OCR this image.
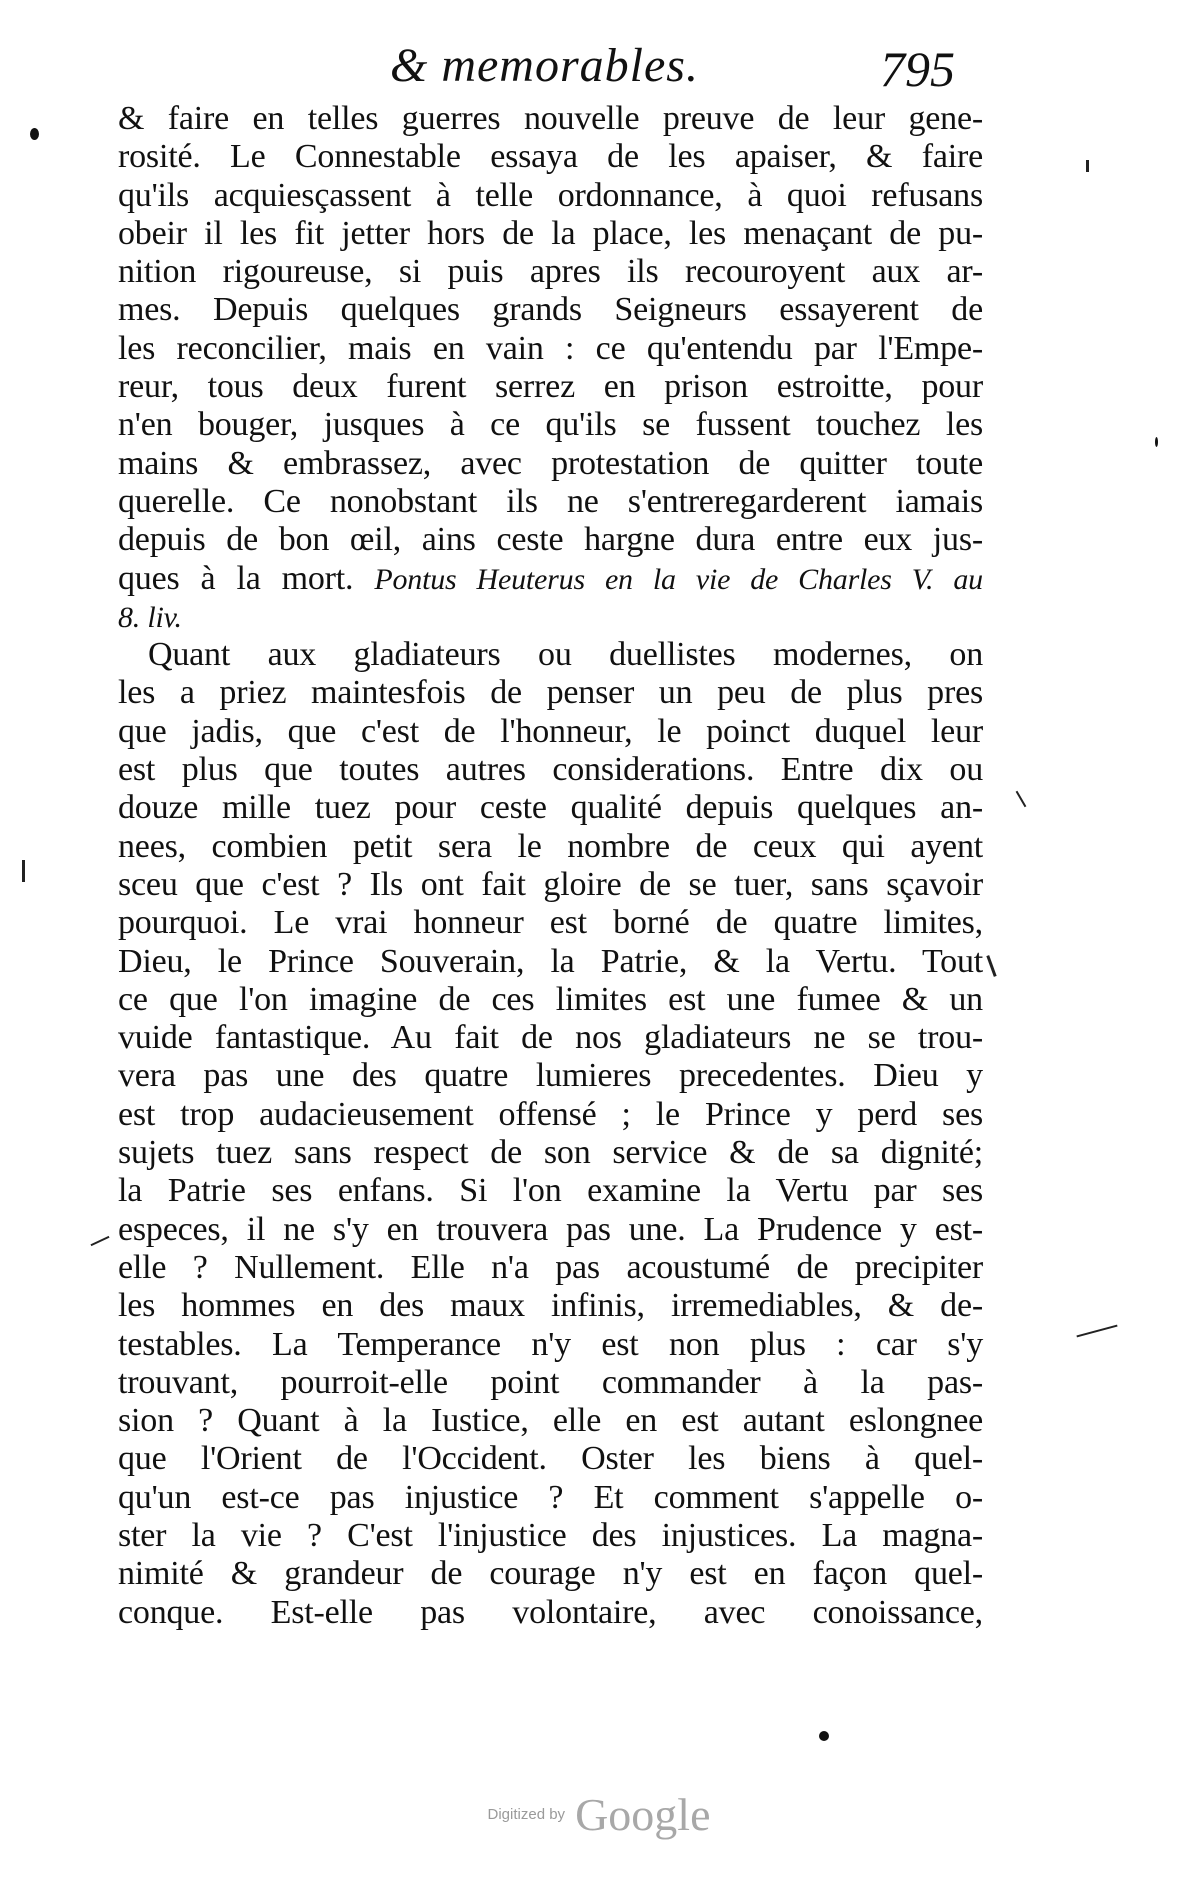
& memorables.	795
& faire en telles guerres nouvelle preuve de leur gene-
rosité. Le Connestable essaya de les apaiser, & faire
qu'ils acquiesçassent à telle ordonnance, à quoi refusans
obeir il les fit jetter hors de la place, les menaçant de pu-
nition rigoureuse, si puis apres ils recouroyent aux ar-
mes. Depuis quelques grands Seigneurs essayerent de
les reconcilier, mais en vain : ce qu'entendu par l'Empe-
reur, tous deux furent serrez en prison estroitte, pour
n'en bouger, jusques à ce qu'ils se fussent touchez les
mains & embrassez, avec protestation de quitter toute
querelle. Ce nonobstant ils ne s'entreregarderent iamais
depuis de bon œil, ains ceste hargne dura entre eux jus-
ques à la mort. Pontus Heuterus en la vie de Charles V. au
8. liv.
Quant aux gladiateurs ou duellistes modernes, on
les a priez maintesfois de penser un peu de plus pres
que jadis, que c'est de l'honneur, le poinct duquel leur
est plus que toutes autres considerations. Entre dix ou
douze mille tuez pour ceste qualité depuis quelques an-
nees, combien petit sera le nombre de ceux qui ayent
sceu que c'est ? Ils ont fait gloire de se tuer, sans sçavoir
pourquoi. Le vrai honneur est borné de quatre limites,
Dieu, le Prince Souverain, la Patrie, & la Vertu. Tout
ce que l'on imagine de ces limites est une fumee & un
vuide fantastique. Au fait de nos gladiateurs ne se trou-
vera pas une des quatre lumieres precedentes. Dieu y
est trop audacieusement offensé ; le Prince y perd ses
sujets tuez sans respect de son service & de sa dignité;
la Patrie ses enfans. Si l'on examine la Vertu par ses
especes, il ne s'y en trouvera pas une. La Prudence y est-
elle ? Nullement. Elle n'a pas acoustumé de precipiter
les hommes en des maux infinis, irremediables, & de-
testables. La Temperance n'y est non plus : car s'y
trouvant, pourroit-elle point commander à la pas-
sion ? Quant à la Iustice, elle en est autant eslongnee
que l'Orient de l'Occident. Oster les biens à quel-
qu'un est-ce pas injustice ? Et comment s'appelle o-
ster la vie ? C'est l'injustice des injustices. La magna-
nimité & grandeur de courage n'y est en façon quel-
conque. Est-elle pas volontaire, avec conoissance,
Digitized by Google
